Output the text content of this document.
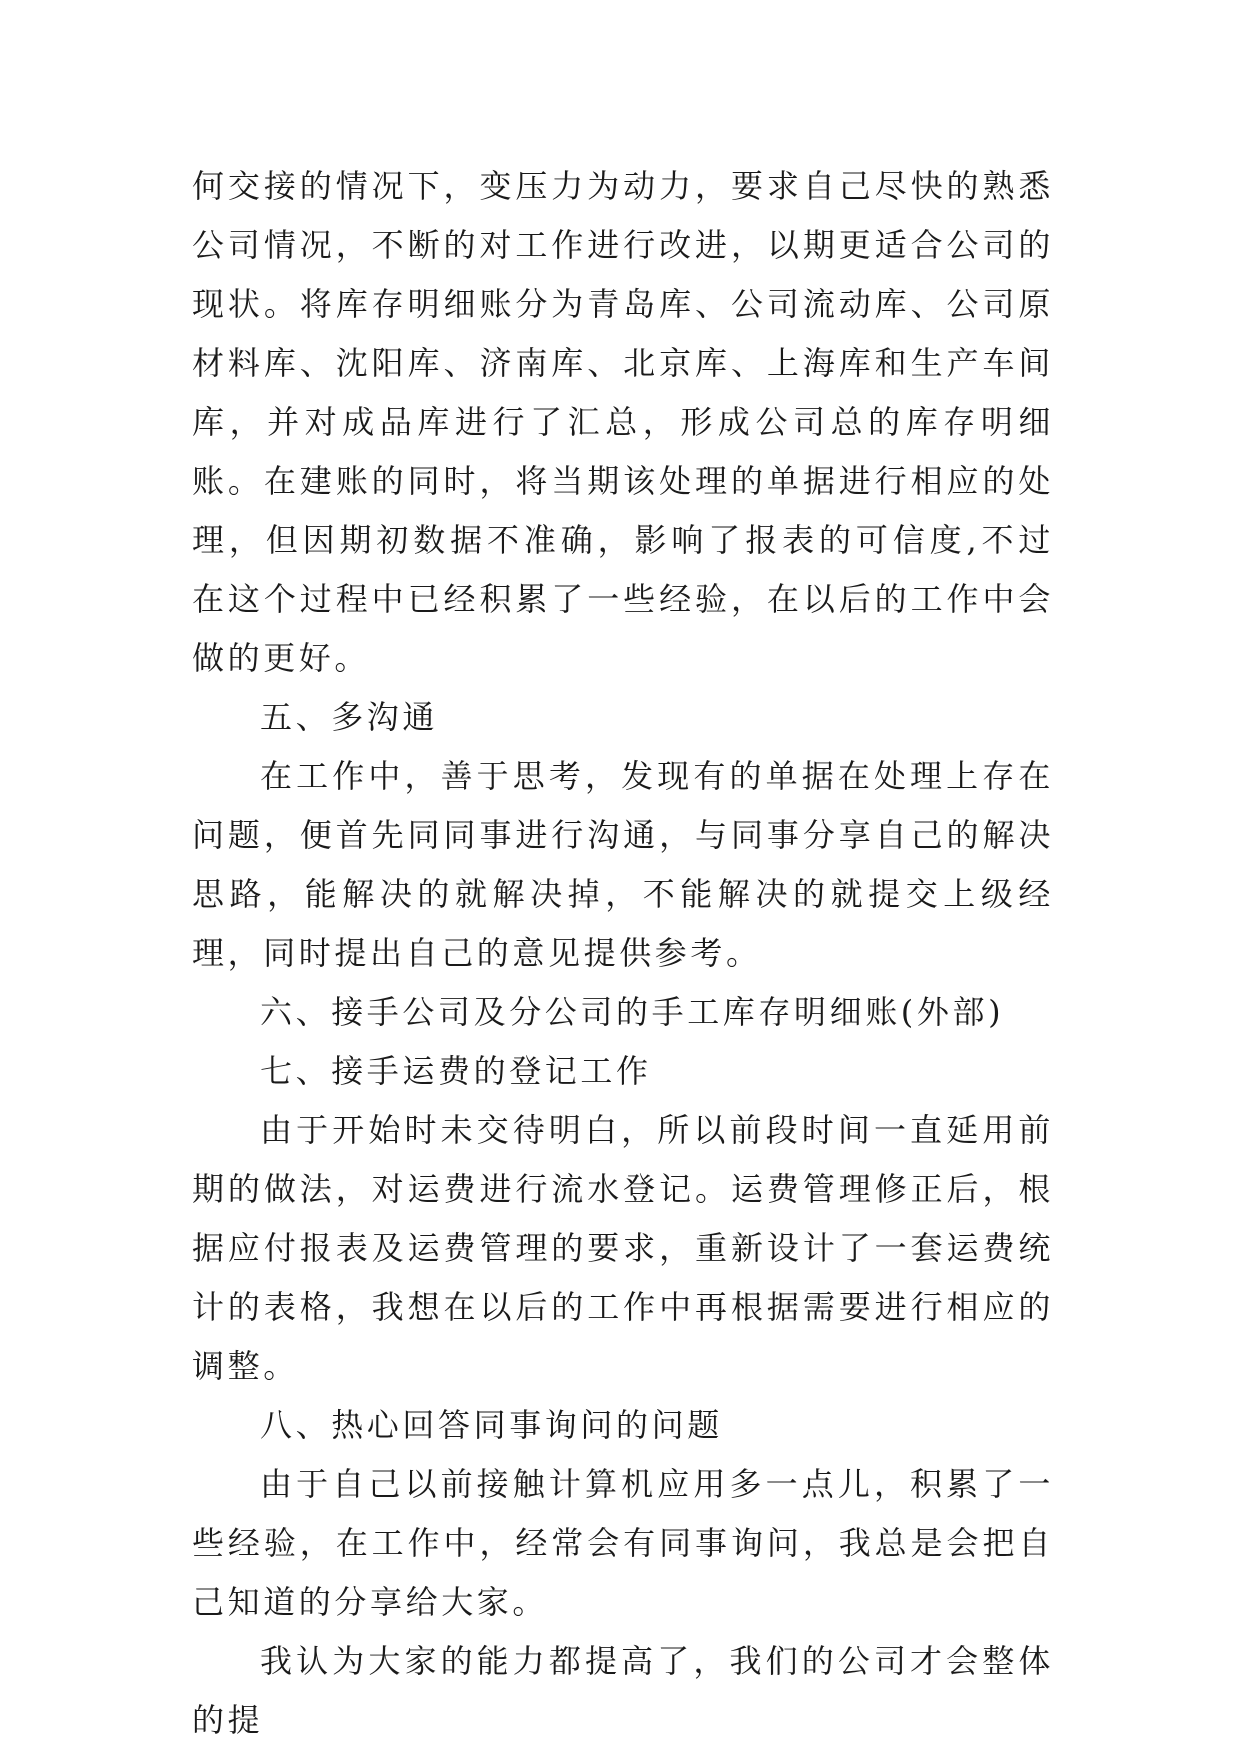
何交接的情况下，变压力为动力，要求自己尽快的熟悉公司情况，不断的对工作进行改进，以期更适合公司的现状。将库存明细账分为青岛库、公司流动库、公司原材料库、沈阳库、济南库、北京库、上海库和生产车间库，并对成品库进行了汇总，形成公司总的库存明细账。在建账的同时，将当期该处理的单据进行相应的处理，但因期初数据不准确，影响了报表的可信度,不过在这个过程中已经积累了一些经验，在以后的工作中会做的更好。

五、多沟通

在工作中，善于思考，发现有的单据在处理上存在问题，便首先同同事进行沟通，与同事分享自己的解决思路，能解决的就解决掉，不能解决的就提交上级经理，同时提出自己的意见提供参考。

六、接手公司及分公司的手工库存明细账(外部)

七、接手运费的登记工作

由于开始时未交待明白，所以前段时间一直延用前期的做法，对运费进行流水登记。运费管理修正后，根据应付报表及运费管理的要求，重新设计了一套运费统计的表格，我想在以后的工作中再根据需要进行相应的调整。

八、热心回答同事询问的问题

由于自己以前接触计算机应用多一点儿，积累了一些经验，在工作中，经常会有同事询问，我总是会把自己知道的分享给大家。

我认为大家的能力都提高了，我们的公司才会整体的提
